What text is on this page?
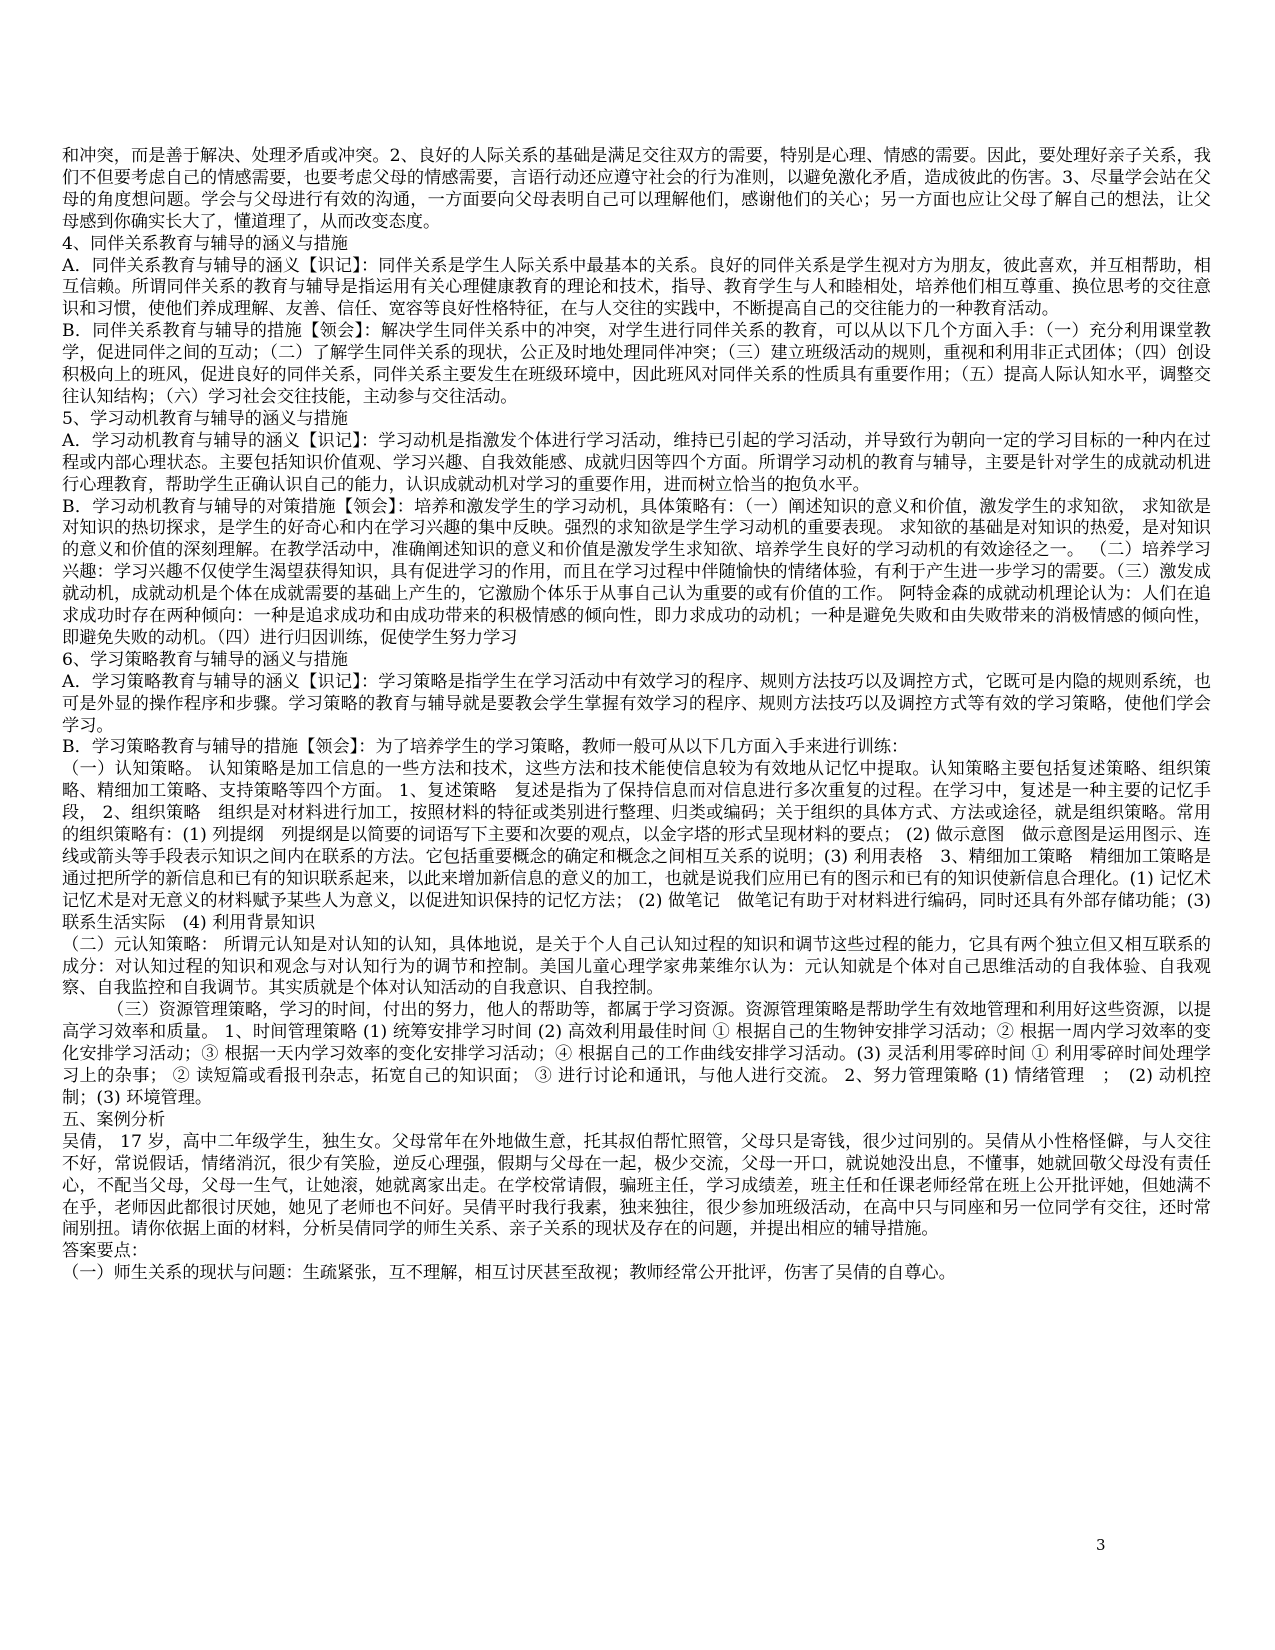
和冲突，而是善于解决、处理矛盾或冲突。2、良好的人际关系的基础是满足交往双方的需要，特别是心理、情感的需要。因此，要处理好亲子关系，我们不但要考虑自己的情感需要，也要考虑父母的情感需要，言语行动还应遵守社会的行为准则，以避免激化矛盾，造成彼此的伤害。3、尽量学会站在父母的角度想问题。学会与父母进行有效的沟通，一方面要向父母表明自己可以理解他们，感谢他们的关心；另一方面也应让父母了解自己的想法，让父母感到你确实长大了，懂道理了，从而改变态度。

4、同伴关系教育与辅导的涵义与措施

A．同伴关系教育与辅导的涵义【识记】：同伴关系是学生人际关系中最基本的关系。良好的同伴关系是学生视对方为朋友，彼此喜欢，并互相帮助，相互信赖。所谓同伴关系的教育与辅导是指运用有关心理健康教育的理论和技术，指导、教育学生与人和睦相处，培养他们相互尊重、换位思考的交往意识和习惯，使他们养成理解、友善、信任、宽容等良好性格特征，在与人交往的实践中，不断提高自己的交往能力的一种教育活动。

B．同伴关系教育与辅导的措施【领会】：解决学生同伴关系中的冲突，对学生进行同伴关系的教育，可以从以下几个方面入手：（一）充分利用课堂教学，促进同伴之间的互动；（二）了解学生同伴关系的现状，公正及时地处理同伴冲突；（三）建立班级活动的规则，重视和利用非正式团体；（四）创设积极向上的班风，促进良好的同伴关系，同伴关系主要发生在班级环境中，因此班风对同伴关系的性质具有重要作用；（五）提高人际认知水平，调整交往认知结构；（六）学习社会交往技能，主动参与交往活动。

5、学习动机教育与辅导的涵义与措施

A．学习动机教育与辅导的涵义【识记】：学习动机是指激发个体进行学习活动，维持已引起的学习活动，并导致行为朝向一定的学习目标的一种内在过程或内部心理状态。主要包括知识价值观、学习兴趣、自我效能感、成就归因等四个方面。所谓学习动机的教育与辅导，主要是针对学生的成就动机进行心理教育，帮助学生正确认识自己的能力，认识成就动机对学习的重要作用，进而树立恰当的抱负水平。

B．学习动机教育与辅导的对策措施【领会】：培养和激发学生的学习动机，具体策略有：（一）阐述知识的意义和价值，激发学生的求知欲， 求知欲是对知识的热切探求，是学生的好奇心和内在学习兴趣的集中反映。强烈的求知欲是学生学习动机的重要表现。 求知欲的基础是对知识的热爱，是对知识的意义和价值的深刻理解。在教学活动中，准确阐述知识的意义和价值是激发学生求知欲、培养学生良好的学习动机的有效途径之一。 （二）培养学习兴趣：学习兴趣不仅使学生渴望获得知识，具有促进学习的作用，而且在学习过程中伴随愉快的情绪体验，有利于产生进一步学习的需要。（三）激发成就动机，成就动机是个体在成就需要的基础上产生的，它激励个体乐于从事自己认为重要的或有价值的工作。 阿特金森的成就动机理论认为：人们在追求成功时存在两种倾向：一种是追求成功和由成功带来的积极情感的倾向性，即力求成功的动机；一种是避免失败和由失败带来的消极情感的倾向性，即避免失败的动机。（四）进行归因训练，促使学生努力学习

6、学习策略教育与辅导的涵义与措施

A．学习策略教育与辅导的涵义【识记】：学习策略是指学生在学习活动中有效学习的程序、规则方法技巧以及调控方式，它既可是内隐的规则系统，也可是外显的操作程序和步骤。学习策略的教育与辅导就是要教会学生掌握有效学习的程序、规则方法技巧以及调控方式等有效的学习策略，使他们学会学习。

B．学习策略教育与辅导的措施【领会】：为了培养学生的学习策略，教师一般可从以下几方面入手来进行训练：

（一）认知策略。 认知策略是加工信息的一些方法和技术，这些方法和技术能使信息较为有效地从记忆中提取。认知策略主要包括复述策略、组织策略、精细加工策略、支持策略等四个方面。 1、复述策略　复述是指为了保持信息而对信息进行多次重复的过程。在学习中，复述是一种主要的记忆手段， 2、组织策略　组织是对材料进行加工，按照材料的特征或类别进行整理、归类或编码；关于组织的具体方式、方法或途径，就是组织策略。常用的组织策略有：(1) 列提纲　列提纲是以简要的词语写下主要和次要的观点，以金字塔的形式呈现材料的要点； (2) 做示意图　做示意图是运用图示、连线或箭头等手段表示知识之间内在联系的方法。它包括重要概念的确定和概念之间相互关系的说明；(3) 利用表格　3、精细加工策略　精细加工策略是通过把所学的新信息和已有的知识联系起来，以此来增加新信息的意义的加工，也就是说我们应用已有的图示和已有的知识使新信息合理化。(1) 记忆术　记忆术是对无意义的材料赋予某些人为意义，以促进知识保持的记忆方法； (2) 做笔记　做笔记有助于对材料进行编码，同时还具有外部存储功能；(3) 联系生活实际　(4) 利用背景知识

（二）元认知策略： 所谓元认知是对认知的认知，具体地说，是关于个人自己认知过程的知识和调节这些过程的能力，它具有两个独立但又相互联系的成分：对认知过程的知识和观念与对认知行为的调节和控制。美国儿童心理学家弗莱维尔认为：元认知就是个体对自己思维活动的自我体验、自我观察、自我监控和自我调节。其实质就是个体对认知活动的自我意识、自我控制。

（三）资源管理策略，学习的时间，付出的努力，他人的帮助等，都属于学习资源。资源管理策略是帮助学生有效地管理和利用好这些资源，以提高学习效率和质量。 1、时间管理策略 (1) 统筹安排学习时间 (2) 高效利用最佳时间 ① 根据自己的生物钟安排学习活动；② 根据一周内学习效率的变化安排学习活动；③ 根据一天内学习效率的变化安排学习活动；④ 根据自己的工作曲线安排学习活动。(3) 灵活利用零碎时间 ① 利用零碎时间处理学习上的杂事； ② 读短篇或看报刊杂志，拓宽自己的知识面； ③ 进行讨论和通讯，与他人进行交流。 2、努力管理策略 (1) 情绪管理　；　(2) 动机控制；(3) 环境管理。

五、案例分析

吴倩， 17 岁，高中二年级学生，独生女。父母常年在外地做生意，托其叔伯帮忙照管，父母只是寄钱，很少过问别的。吴倩从小性格怪僻，与人交往不好，常说假话，情绪消沉，很少有笑脸，逆反心理强，假期与父母在一起，极少交流，父母一开口，就说她没出息，不懂事，她就回敬父母没有责任心，不配当父母，父母一生气，让她滚，她就离家出走。在学校常请假，骗班主任，学习成绩差，班主任和任课老师经常在班上公开批评她，但她满不在乎，老师因此都很讨厌她，她见了老师也不问好。吴倩平时我行我素，独来独往，很少参加班级活动，在高中只与同座和另一位同学有交往，还时常闹别扭。请你依据上面的材料，分析吴倩同学的师生关系、亲子关系的现状及存在的问题，并提出相应的辅导措施。

答案要点：

（一）师生关系的现状与问题：生疏紧张，互不理解，相互讨厌甚至敌视；教师经常公开批评，伤害了吴倩的自尊心。

3
